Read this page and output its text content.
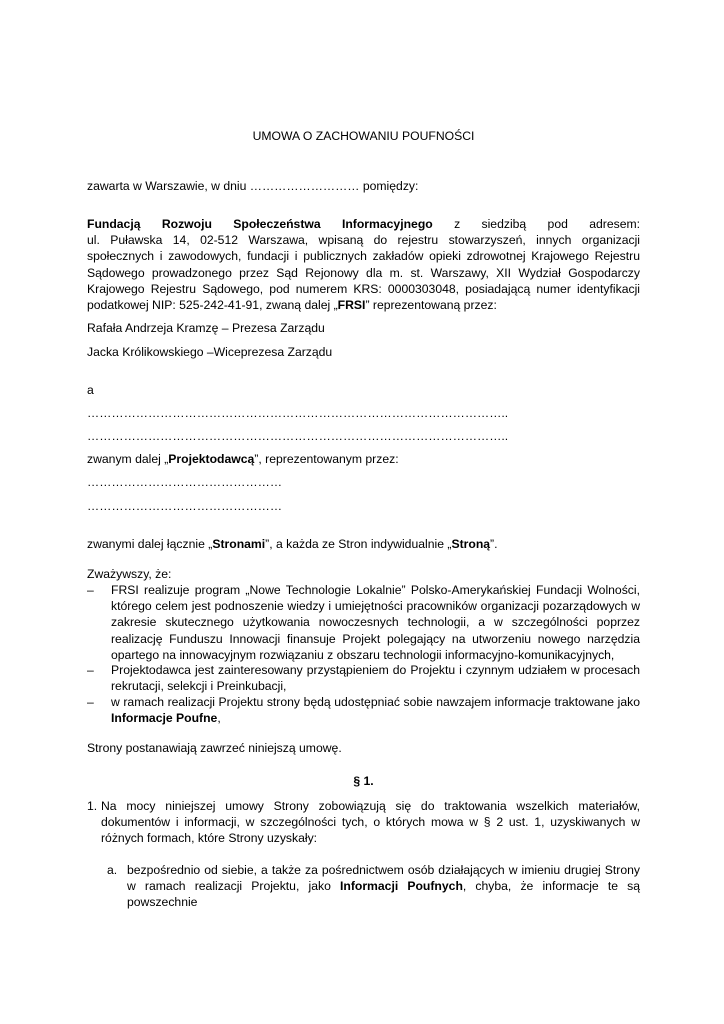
UMOWA O ZACHOWANIU POUFNOŚCI
zawarta w Warszawie, w dniu ……………………… pomiędzy:
Fundacją Rozwoju Społeczeństwa Informacyjnego z siedzibą pod adresem:
ul. Puławska 14, 02-512 Warszawa, wpisaną do rejestru stowarzyszeń, innych organizacji społecznych i zawodowych, fundacji i publicznych zakładów opieki zdrowotnej Krajowego Rejestru Sądowego prowadzonego przez Sąd Rejonowy dla m. st. Warszawy, XII Wydział Gospodarczy Krajowego Rejestru Sądowego, pod numerem KRS: 0000303048, posiadającą numer identyfikacji podatkowej NIP: 525-242-41-91, zwaną dalej „FRSI” reprezentowaną przez:
Rafała Andrzeja Kramzę – Prezesa Zarządu
Jacka Królikowskiego –Wiceprezesa Zarządu
a
…………………………………………………………………………………………..
…………………………………………………………………………………………..
zwanym dalej „Projektodawcą”, reprezentowanym przez:
…………………………………………
…………………………………………
zwanymi dalej łącznie „Stronami”, a każda ze Stron indywidualnie „Stroną”.
Zważywszy, że:
–	FRSI realizuje program „Nowe Technologie Lokalnie” Polsko-Amerykańskiej Fundacji Wolności, którego celem jest podnoszenie wiedzy i umiejętności pracowników organizacji pozarządowych w zakresie skutecznego użytkowania nowoczesnych technologii, a w szczególności poprzez realizację Funduszu Innowacji finansuje Projekt polegający na utworzeniu nowego narzędzia opartego na innowacyjnym rozwiązaniu z obszaru technologii informacyjno-komunikacyjnych,
–	Projektodawca jest zainteresowany przystąpieniem do Projektu i czynnym udziałem w procesach rekrutacji, selekcji i Preinkubacji,
–	w ramach realizacji Projektu strony będą udostępniać sobie nawzajem informacje traktowane jako Informacje Poufne,
Strony postanawiają zawrzeć niniejszą umowę.
§ 1.
1. Na mocy niniejszej umowy Strony zobowiązują się do traktowania wszelkich materiałów, dokumentów i informacji, w szczególności tych, o których mowa w § 2 ust. 1, uzyskiwanych w różnych formach, które Strony uzyskały:
a. bezpośrednio od siebie, a także za pośrednictwem osób działających w imieniu drugiej Strony w ramach realizacji Projektu, jako Informacji Poufnych, chyba, że informacje te są powszechnie
